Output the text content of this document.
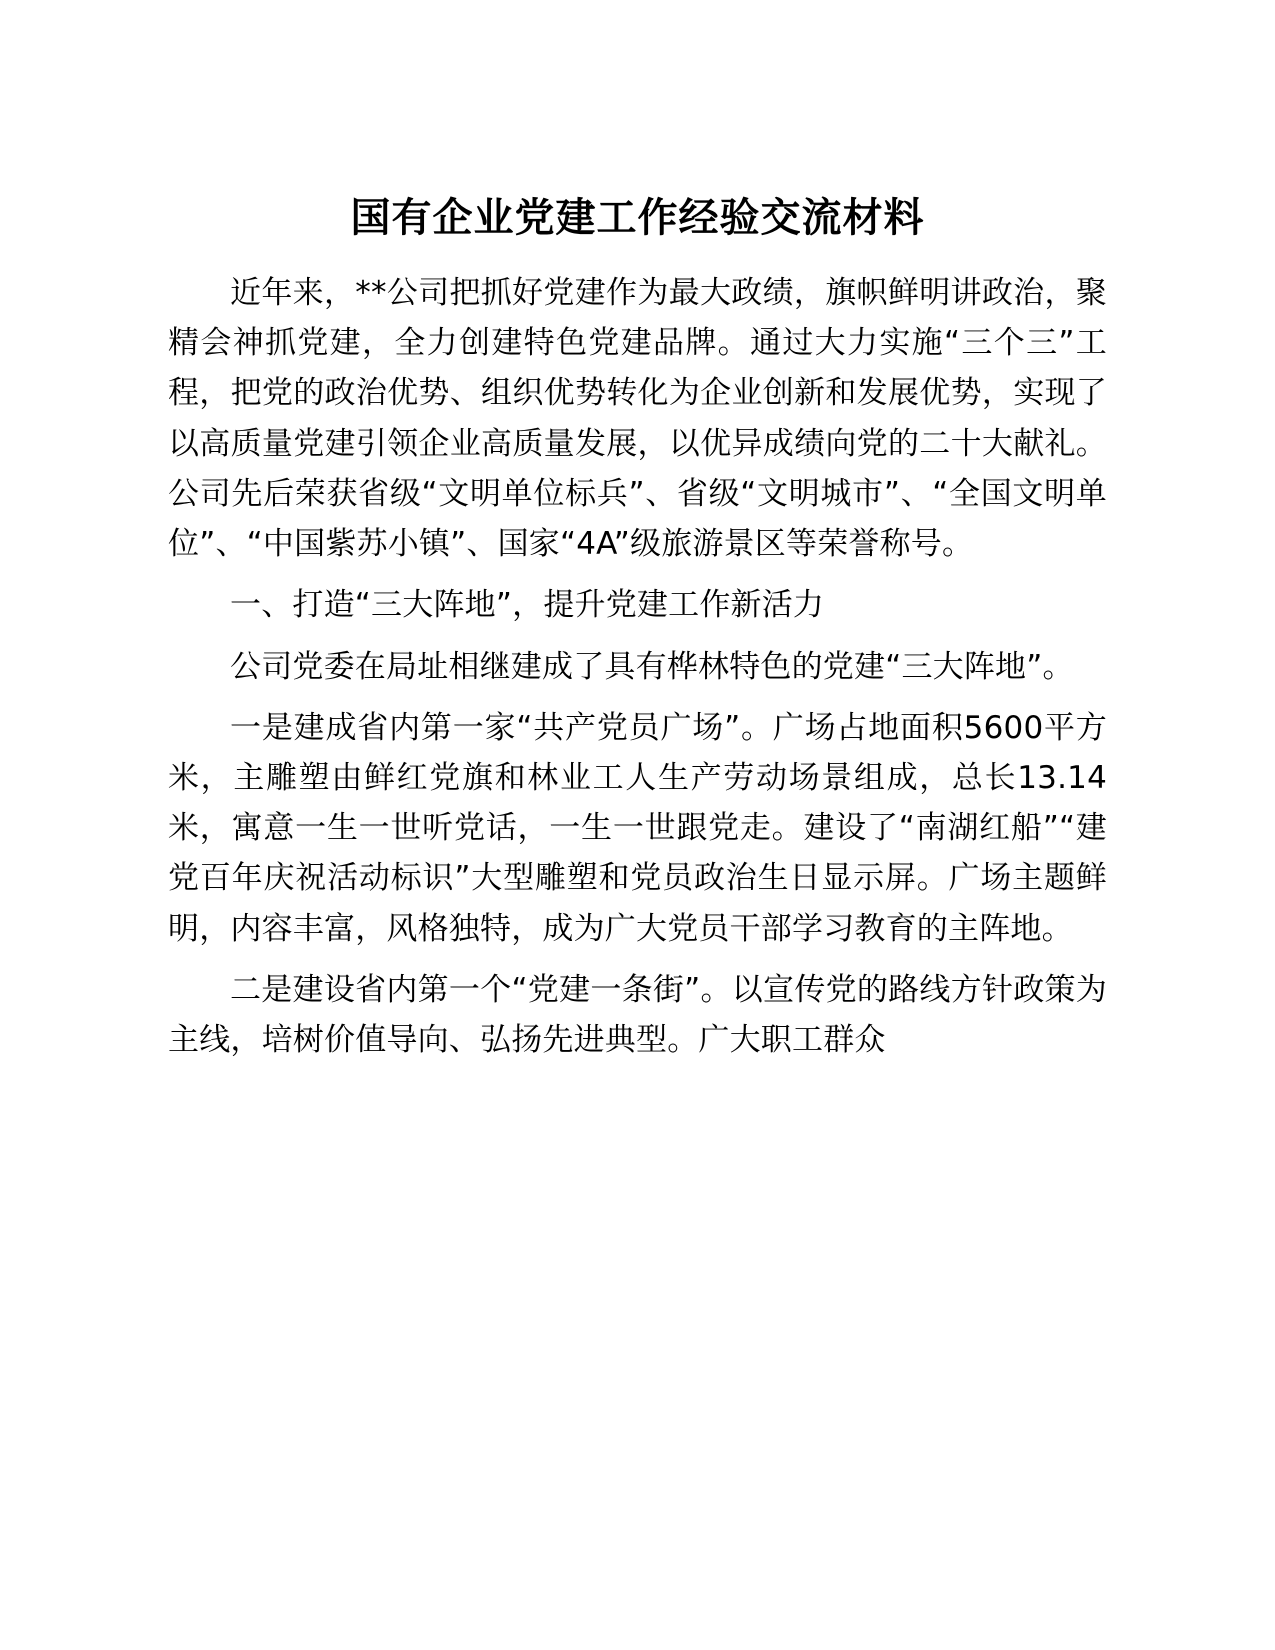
国有企业党建工作经验交流材料

近年来，**公司把抓好党建作为最大政绩，旗帜鲜明讲政治，聚精会神抓党建，全力创建特色党建品牌。通过大力实施“三个三”工程，把党的政治优势、组织优势转化为企业创新和发展优势，实现了以高质量党建引领企业高质量发展，以优异成绩向党的二十大献礼。公司先后荣获省级“文明单位标兵”、省级“文明城市”、“全国文明单位”、“中国紫苏小镇”、国家“4A”级旅游景区等荣誉称号。

一、打造“三大阵地”，提升党建工作新活力

公司党委在局址相继建成了具有桦林特色的党建“三大阵地”。

一是建成省内第一家“共产党员广场”。广场占地面积5600平方米，主雕塑由鲜红党旗和林业工人生产劳动场景组成，总长13.14米，寓意一生一世听党话，一生一世跟党走。建设了“南湖红船”“建党百年庆祝活动标识”大型雕塑和党员政治生日显示屏。广场主题鲜明，内容丰富，风格独特，成为广大党员干部学习教育的主阵地。

二是建设省内第一个“党建一条街”。以宣传党的路线方针政策为主线，培树价值导向、弘扬先进典型。广大职工群众
